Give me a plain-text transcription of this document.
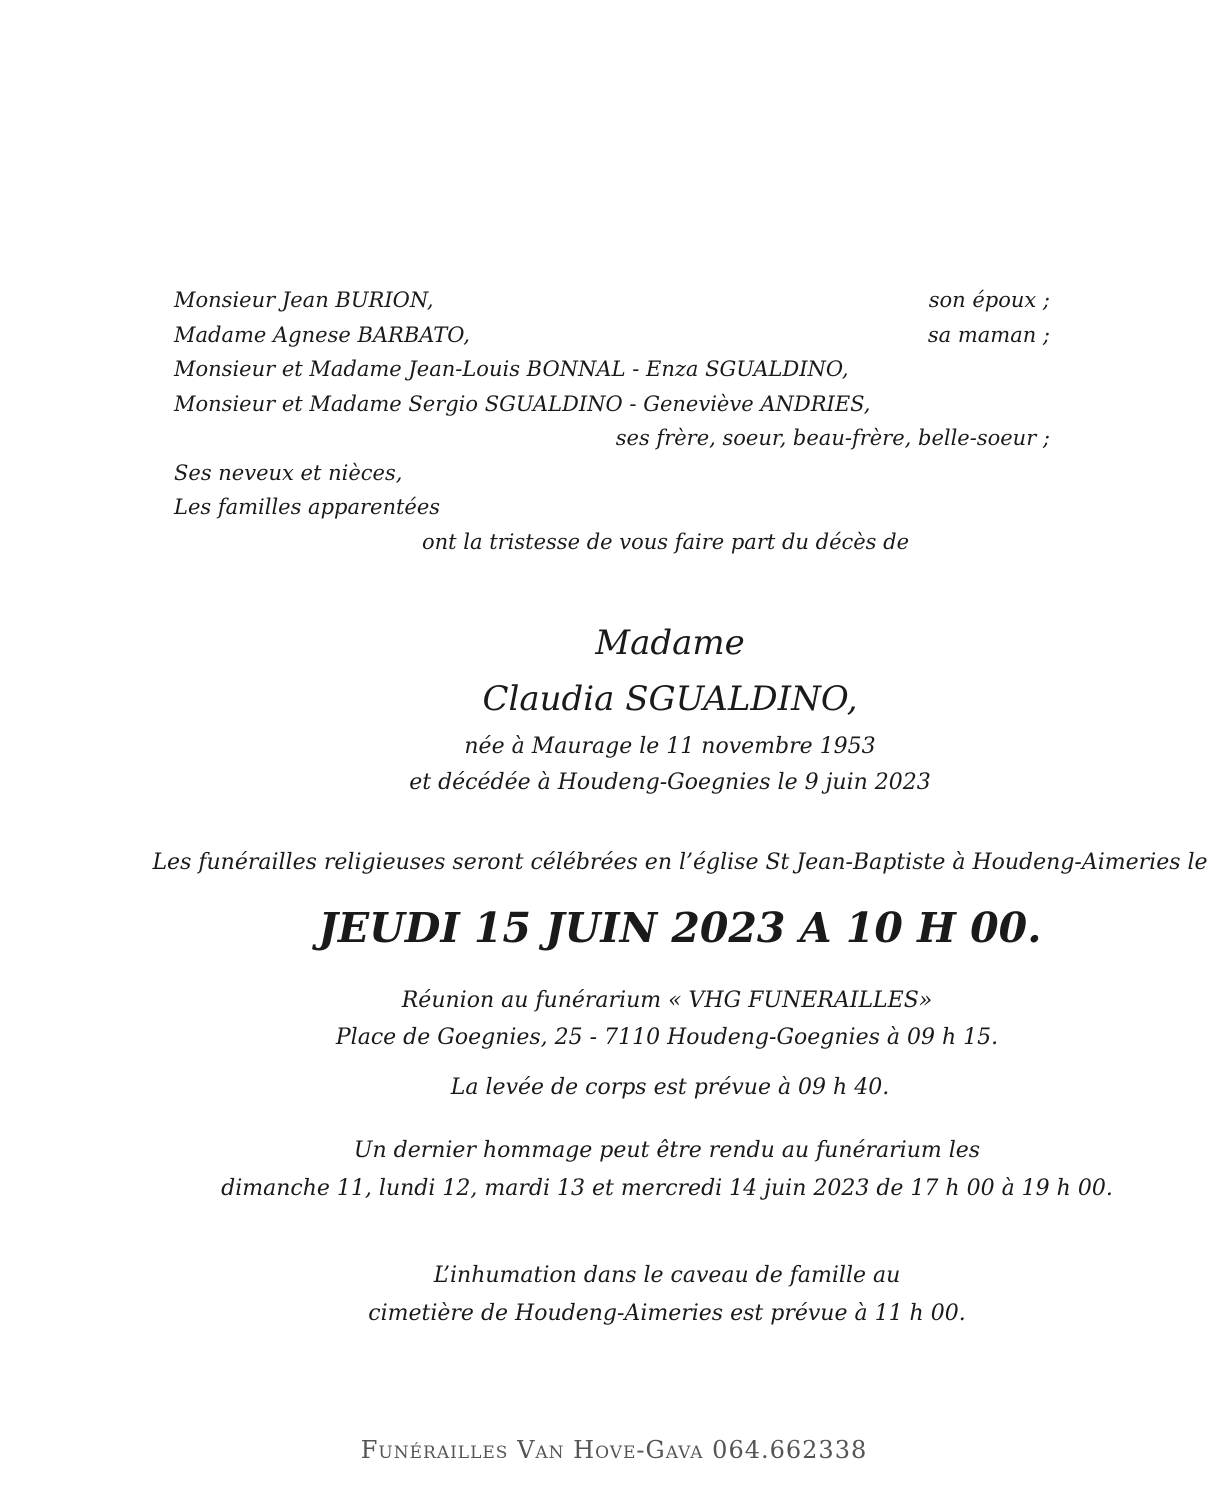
Monsieur Jean BURION,	son époux ;
Madame Agnese BARBATO,	sa maman ;
Monsieur et Madame Jean-Louis BONNAL - Enza SGUALDINO,
Monsieur et Madame Sergio SGUALDINO - Geneviève ANDRIES,
ses frère, soeur, beau-frère, belle-soeur ;
Ses neveux et nièces,
Les familles apparentées
ont la tristesse de vous faire part du décès de
Madame
Claudia SGUALDINO,
née à Maurage le 11 novembre 1953
et décédée à Houdeng-Goegnies le 9 juin 2023
Les funérailles religieuses seront célébrées en l’église St Jean-Baptiste à Houdeng-Aimeries le
JEUDI 15 JUIN 2023 A 10 H 00.
Réunion au funérarium « VHG FUNERAILLES»
Place de Goegnies, 25 - 7110 Houdeng-Goegnies à 09 h 15.
La levée de corps est prévue à 09 h 40.
Un dernier hommage peut être rendu au funérarium les
dimanche 11, lundi 12, mardi 13 et mercredi 14 juin 2023 de 17 h 00 à 19 h 00.
L’inhumation dans le caveau de famille au
cimetière de Houdeng-Aimeries est prévue à 11 h 00.
Funérailles Van Hove-Gava 064.662338
